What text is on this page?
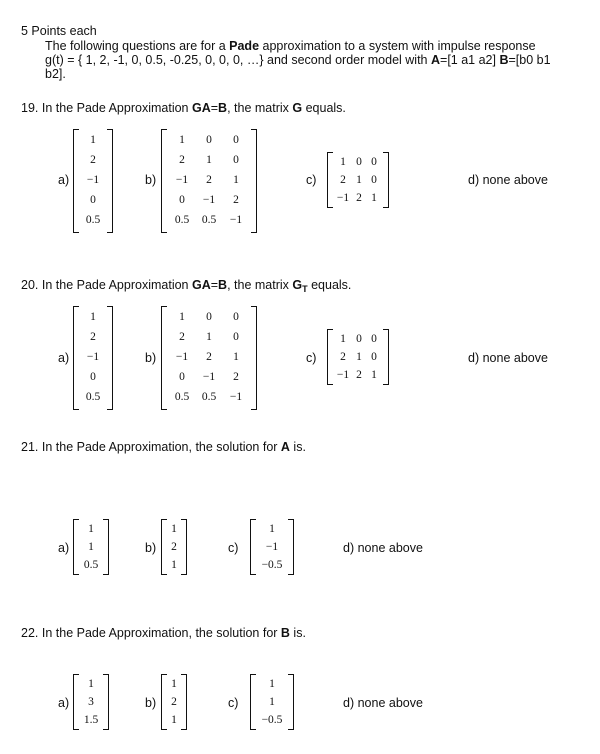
5 Points each
The following questions are for a Pade approximation to a system with impulse response
g(t) = { 1, 2, -1, 0, 0.5, -0.25, 0, 0, 0, …} and second order model with A=[1 a1 a2] B=[b0 b1
b2].
19. In the Pade Approximation GA=B, the matrix G equals.
a)
1
2
−1
0
0.5
b)
1	0	0
2	1	0
−1	2	1
0	−1	2
0.5	0.5	−1
c)
1 0 0
2 1 0
−1 2 1
d) none above
20. In the Pade Approximation GA=B, the matrix $G_T$ equals.
a)
1
2
−1
0
0.5
b)
1	0	0
2	1	0
−1	2	1
0	−1	2
0.5	0.5	−1
c)
1 0 0
2 1 0
−1 2 1
d) none above
21. In the Pade Approximation, the solution for A is.
a)
1
1
0.5
b)
1
2
1
c)
1
−1
−0.5
d) none above
22. In the Pade Approximation, the solution for B is.
a)
1
3
1.5
b)
1
2
1
c)
1
1
−0.5
d) none above
